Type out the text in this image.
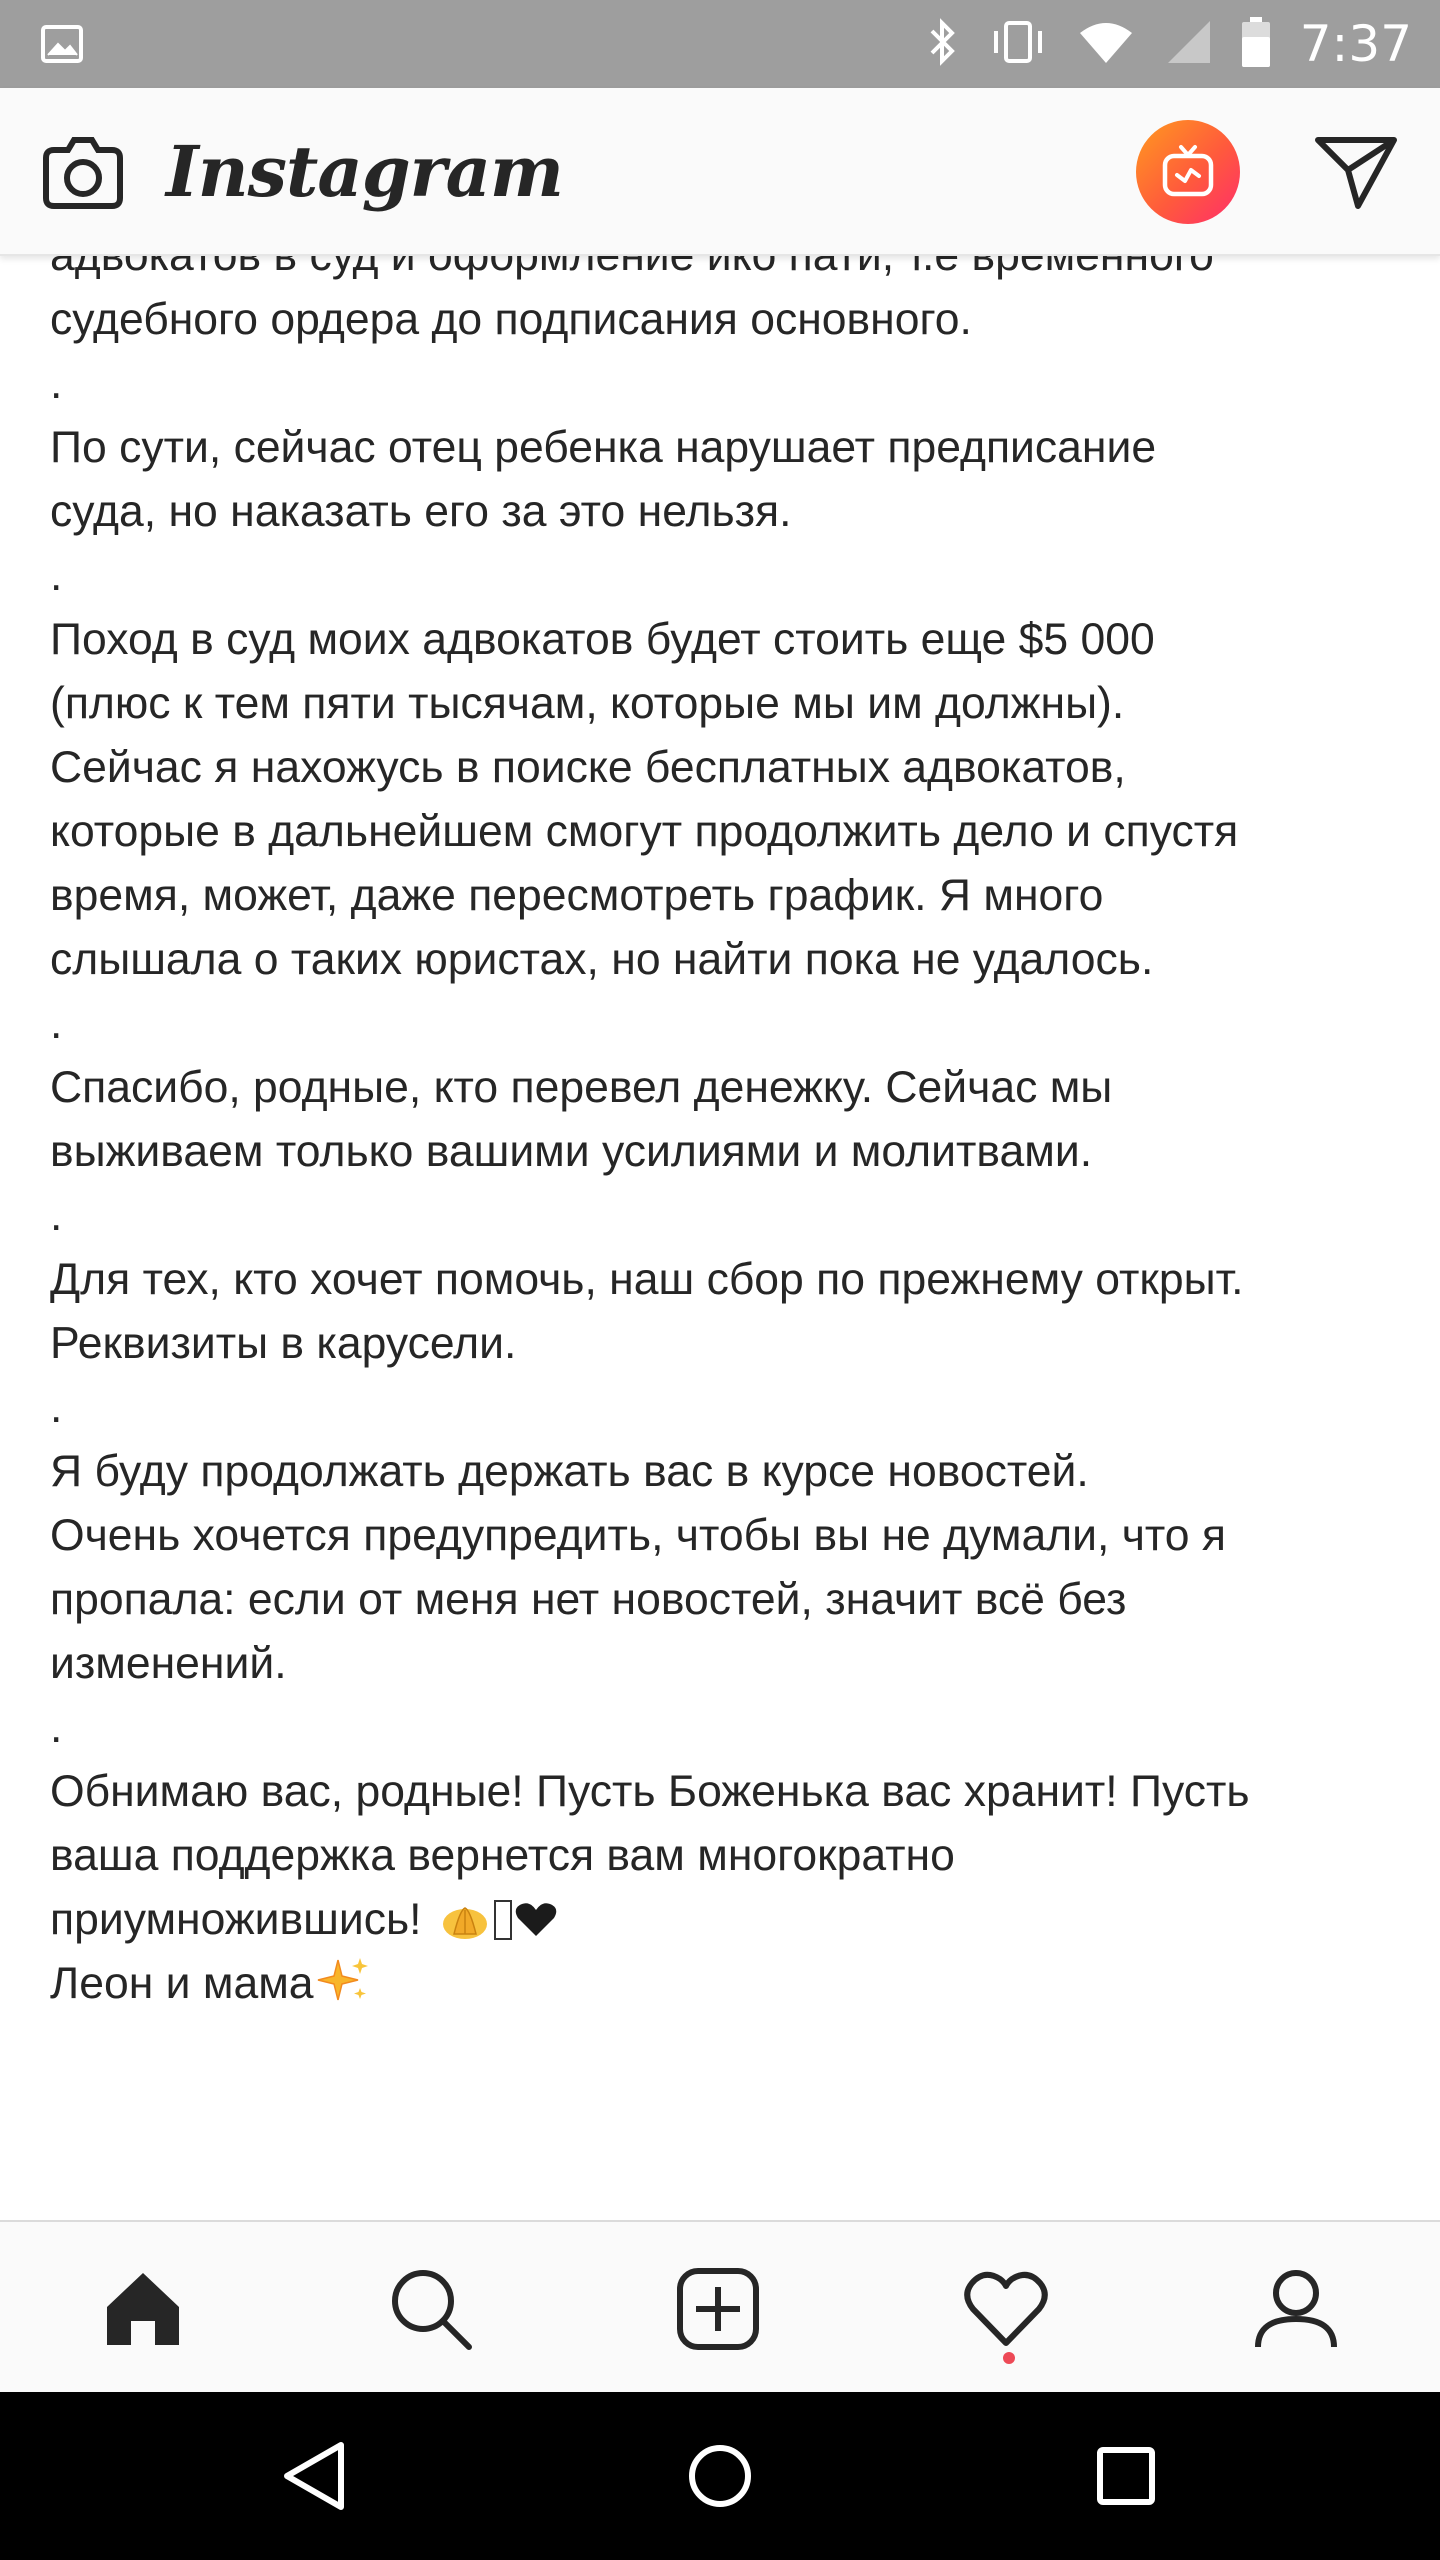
7:37
судебного ордера до подписания основного.
.
По сути, сейчас отец ребенка нарушает предписание
суда, но наказать его за это нельзя.
.
Поход в суд моих адвокатов будет стоить еще $5 000
(плюс к тем пяти тысячам, которые мы им должны).
Сейчас я нахожусь в поиске бесплатных адвокатов,
которые в дальнейшем смогут продолжить дело и спустя
время, может, даже пересмотреть график. Я много
слышала о таких юристах, но найти пока не удалось.
.
Спасибо, родные, кто перевел денежку. Сейчас мы
выживаем только вашими усилиями и молитвами.
.
Для тех, кто хочет помочь, наш сбор по прежнему открыт.
Реквизиты в карусели.
.
Я буду продолжать держать вас в курсе новостей.
Очень хочется предупредить, чтобы вы не думали, что я
пропала: если от меня нет новостей, значит всё без
изменений.
.
Обнимаю вас, родные! Пусть Боженька вас хранит! Пусть
ваша поддержка вернется вам многократно
приумножившись!
Леон и мама
Instagram
